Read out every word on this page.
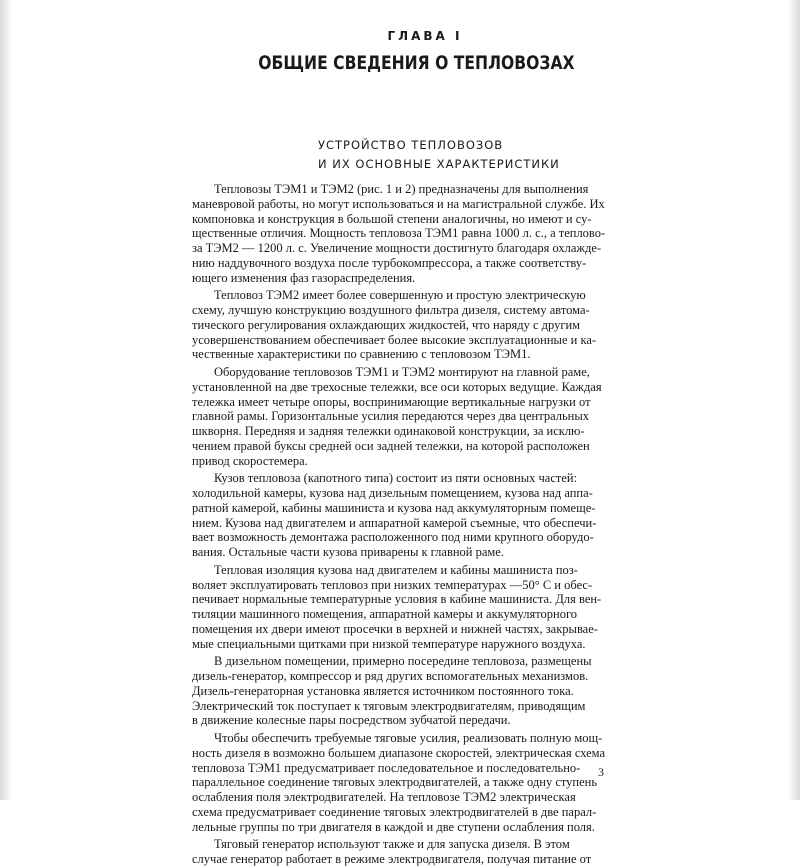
ГЛАВА I
ОБЩИЕ СВЕДЕНИЯ О ТЕПЛОВОЗАХ
УСТРОЙСТВО ТЕПЛОВОЗОВ
И ИХ ОСНОВНЫЕ ХАРАКТЕРИСТИКИ
Тепловозы ТЭМ1 и ТЭМ2 (рис. 1 и 2) предназначены для выполнения
маневровой работы, но могут использоваться и на магистральной службе. Их
компоновка и конструкция в большой степени аналогичны, но имеют и су-
щественные отличия. Мощность тепловоза ТЭМ1 равна 1000 л. с., а теплово-
за ТЭМ2 — 1200 л. с. Увеличение мощности достигнуто благодаря охлажде-
нию наддувочного воздуха после турбокомпрессора, а также соответству-
ющего изменения фаз газораспределения.
Тепловоз ТЭМ2 имеет более совершенную и простую электрическую
схему, лучшую конструкцию воздушного фильтра дизеля, систему автома-
тического регулирования охлаждающих жидкостей, что наряду с другим
усовершенствованием обеспечивает более высокие эксплуатационные и ка-
чественные характеристики по сравнению с тепловозом ТЭМ1.
Оборудование тепловозов ТЭМ1 и ТЭМ2 монтируют на главной раме,
установленной на две трехосные тележки, все оси которых ведущие. Каждая
тележка имеет четыре опоры, воспринимающие вертикальные нагрузки от
главной рамы. Горизонтальные усилия передаются через два центральных
шкворня. Передняя и задняя тележки одинаковой конструкции, за исклю-
чением правой буксы средней оси задней тележки, на которой расположен
привод скоростемера.
Кузов тепловоза (капотного типа) состоит из пяти основных частей:
холодильной камеры, кузова над дизельным помещением, кузова над аппа-
ратной камерой, кабины машиниста и кузова над аккумуляторным помеще-
нием. Кузова над двигателем и аппаратной камерой съемные, что обеспечи-
вает возможность демонтажа расположенного под ними крупного оборудо-
вания. Остальные части кузова приварены к главной раме.
Тепловая изоляция кузова над двигателем и кабины машиниста поз-
воляет эксплуатировать тепловоз при низких температурах —50° С и обес-
печивает нормальные температурные условия в кабине машиниста. Для вен-
тиляции машинного помещения, аппаратной камеры и аккумуляторного
помещения их двери имеют просечки в верхней и нижней частях, закрывае-
мые специальными щитками при низкой температуре наружного воздуха.
В дизельном помещении, примерно посередине тепловоза, размещены
дизель-генератор, компрессор и ряд других вспомогательных механизмов.
Дизель-генераторная установка является источником постоянного тока.
Электрический ток поступает к тяговым электродвигателям, приводящим
в движение колесные пары посредством зубчатой передачи.
Чтобы обеспечить требуемые тяговые усилия, реализовать полную мощ-
ность дизеля в возможно большем диапазоне скоростей, электрическая схема
тепловоза ТЭМ1 предусматривает последовательное и последовательно-
параллельное соединение тяговых электродвигателей, а также одну ступень
ослабления поля электродвигателей. На тепловозе ТЭМ2 электрическая
схема предусматривает соединение тяговых электродвигателей в две парал-
лельные группы по три двигателя в каждой и две ступени ослабления поля.
Тяговый генератор используют также и для запуска дизеля. В этом
случае генератор работает в режиме электродвигателя, получая питание от
3
